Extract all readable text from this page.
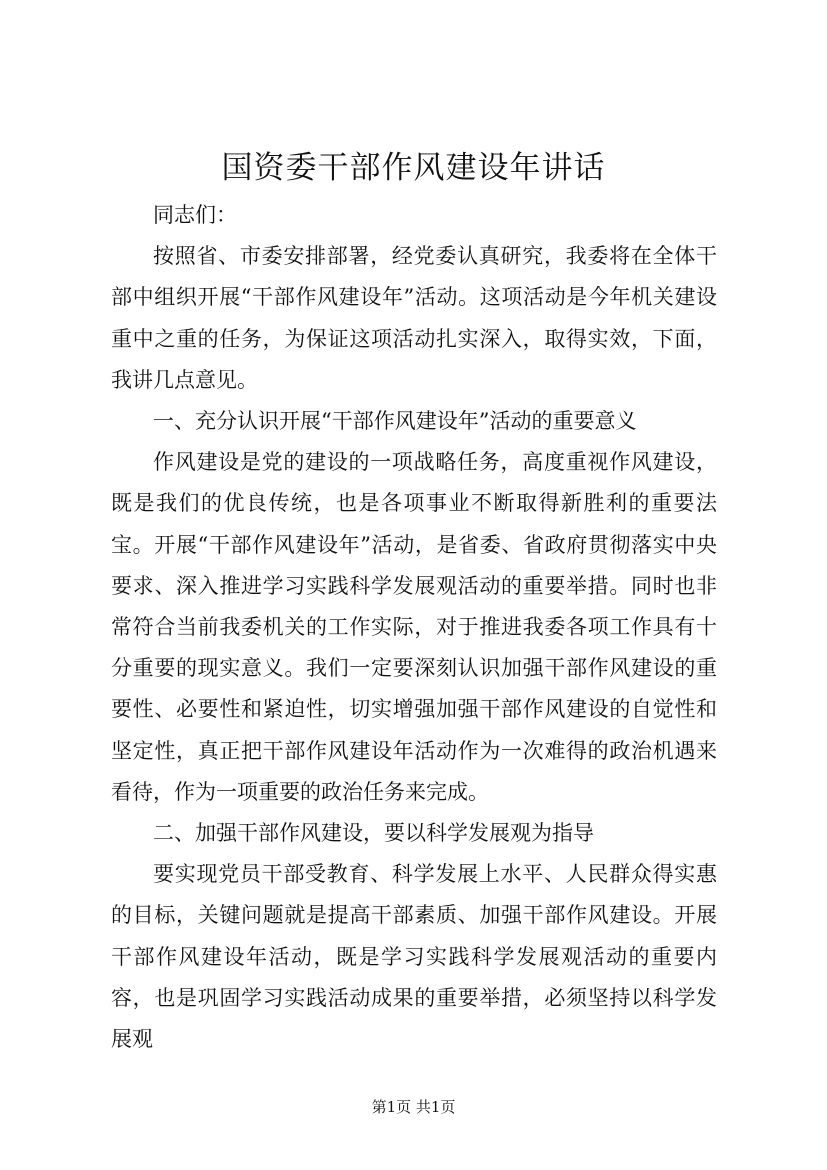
国资委干部作风建设年讲话

同志们：

按照省、市委安排部署，经党委认真研究，我委将在全体干部中组织开展“干部作风建设年”活动。这项活动是今年机关建设重中之重的任务，为保证这项活动扎实深入，取得实效，下面，我讲几点意见。

一、充分认识开展“干部作风建设年”活动的重要意义

作风建设是党的建设的一项战略任务，高度重视作风建设，既是我们的优良传统，也是各项事业不断取得新胜利的重要法宝。开展“干部作风建设年”活动，是省委、省政府贯彻落实中央要求、深入推进学习实践科学发展观活动的重要举措。同时也非常符合当前我委机关的工作实际，对于推进我委各项工作具有十分重要的现实意义。我们一定要深刻认识加强干部作风建设的重要性、必要性和紧迫性，切实增强加强干部作风建设的自觉性和坚定性，真正把干部作风建设年活动作为一次难得的政治机遇来看待，作为一项重要的政治任务来完成。

二、加强干部作风建设，要以科学发展观为指导

要实现党员干部受教育、科学发展上水平、人民群众得实惠的目标，关键问题就是提高干部素质、加强干部作风建设。开展干部作风建设年活动，既是学习实践科学发展观活动的重要内容，也是巩固学习实践活动成果的重要举措，必须坚持以科学发展观

第1页 共1页
